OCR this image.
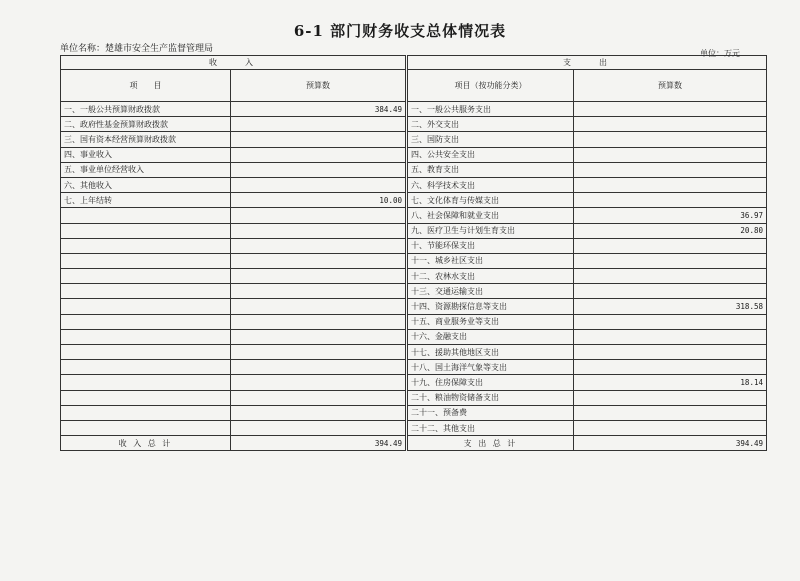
6-1 部门财务收支总体情况表
单位名称：楚雄市安全生产监督管理局	单位：万元
收　　入			支　　出	
项　　目	预算数		项目（按功能分类）	预算数
一、一般公共预算财政拨款	384.49		一、一般公共服务支出	
二、政府性基金预算财政拨款			二、外交支出	
三、国有资本经营预算财政拨款			三、国防支出	
四、事业收入			四、公共安全支出	
五、事业单位经营收入			五、教育支出	
六、其他收入			六、科学技术支出	
七、上年结转	10.00		七、文化体育与传媒支出	
			八、社会保障和就业支出	36.97
			九、医疗卫生与计划生育支出	20.80
			十、节能环保支出	
			十一、城乡社区支出	
			十二、农林水支出	
			十三、交通运输支出	
			十四、资源勘探信息等支出	318.58
			十五、商业服务业等支出	
			十六、金融支出	
			十七、援助其他地区支出	
			十八、国土海洋气象等支出	
			十九、住房保障支出	18.14
			二十、粮油物资储备支出	
			二十一、预备费	
			二十二、其他支出	
收 入 总 计	394.49		支 出 总 计	394.49
